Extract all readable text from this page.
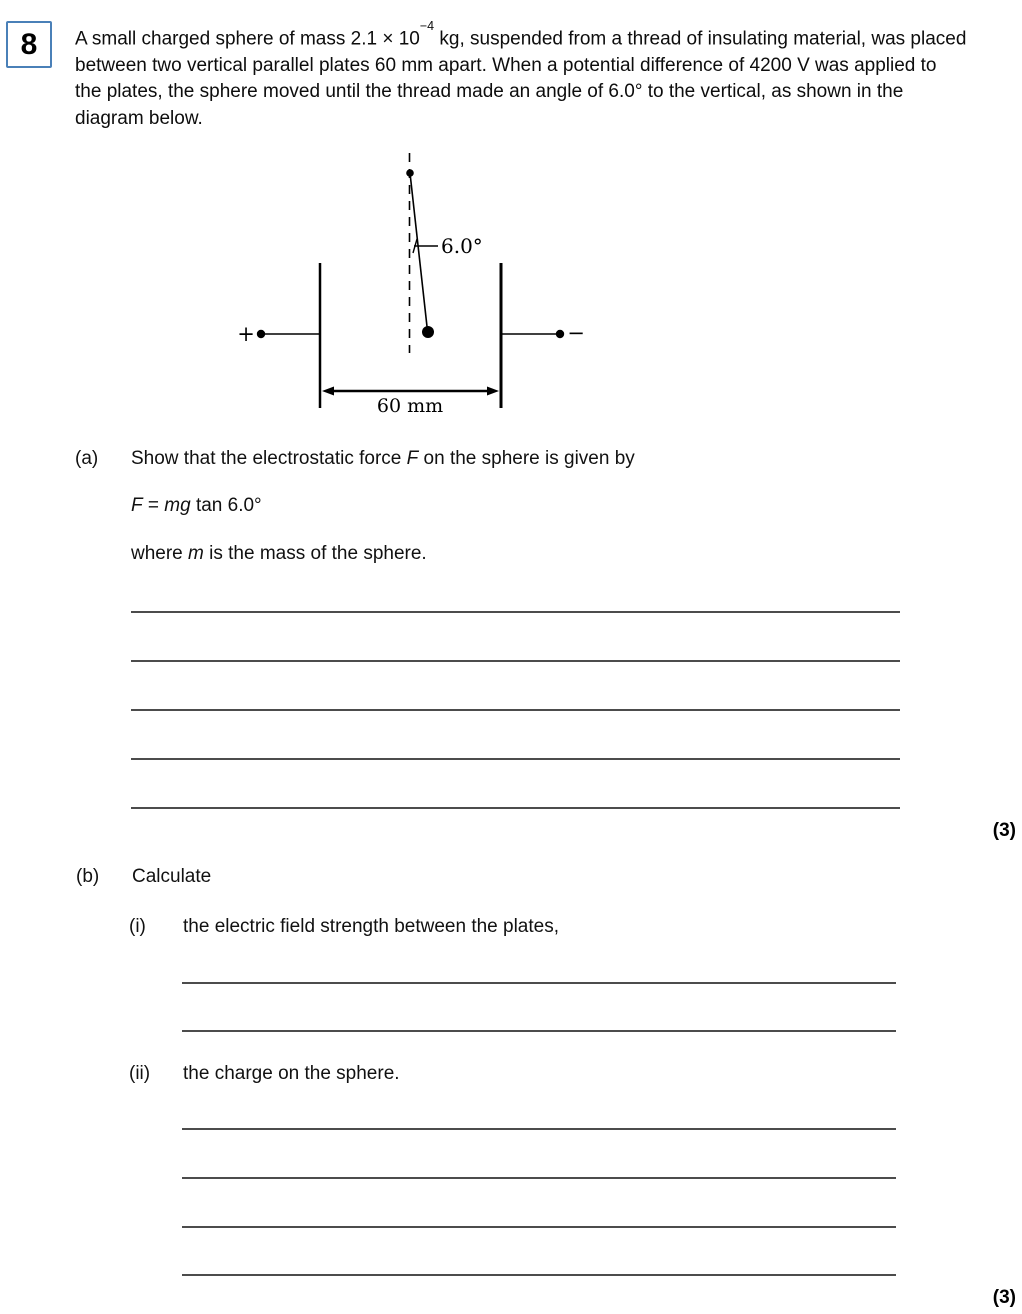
8 A small charged sphere of mass $2.1 \times 10^{-4}$ kg, suspended from a thread of insulating material, was placed between two vertical parallel plates 60 mm apart. When a potential difference of 4200 V was applied to the plates, the sphere moved until the thread made an angle of 6.0° to the vertical, as shown in the diagram below.
6.0°
+	−
60 mm
(a) Show that the electrostatic force F on the sphere is given by
F = mg tan 6.0°
where m is the mass of the sphere.
(3)
(b) Calculate
(i) the electric field strength between the plates,
(ii) the charge on the sphere.
(3)
